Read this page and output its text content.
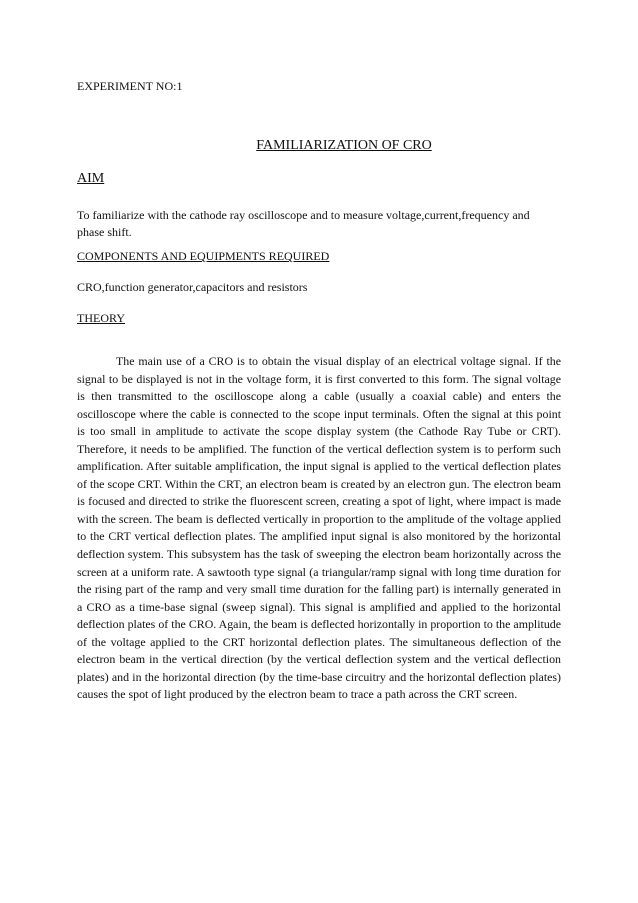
EXPERIMENT NO:1
FAMILIARIZATION OF CRO
AIM
To familiarize with the cathode ray oscilloscope and to measure voltage,current,frequency and phase shift.
COMPONENTS AND EQUIPMENTS REQUIRED
CRO,function generator,capacitors and resistors
THEORY

The main use of a CRO is to obtain the visual display of an electrical voltage signal. If the signal to be displayed is not in the voltage form, it is first converted to this form. The signal voltage is then transmitted to the oscilloscope along a cable (usually a coaxial cable) and enters the oscilloscope where the cable is connected to the scope input terminals. Often the signal at this point is too small in amplitude to activate the scope display system (the Cathode Ray Tube or CRT). Therefore, it needs to be amplified. The function of the vertical deflection system is to perform such amplification. After suitable amplification, the input signal is applied to the vertical deflection plates of the scope CRT. Within the CRT, an electron beam is created by an electron gun. The electron beam is focused and directed to strike the fluorescent screen, creating a spot of light, where impact is made with the screen. The beam is deflected vertically in proportion to the amplitude of the voltage applied to the CRT vertical deflection plates. The amplified input signal is also monitored by the horizontal deflection system. This subsystem has the task of sweeping the electron beam horizontally across the screen at a uniform rate. A sawtooth type signal (a triangular/ramp signal with long time duration for the rising part of the ramp and very small time duration for the falling part) is internally generated in a CRO as a time-base signal (sweep signal). This signal is amplified and applied to the horizontal deflection plates of the CRO. Again, the beam is deflected horizontally in proportion to the amplitude of the voltage applied to the CRT horizontal deflection plates. The simultaneous deflection of the electron beam in the vertical direction (by the vertical deflection system and the vertical deflection plates) and in the horizontal direction (by the time-base circuitry and the horizontal deflection plates) causes the spot of light produced by the electron beam to trace a path across the CRT screen.
